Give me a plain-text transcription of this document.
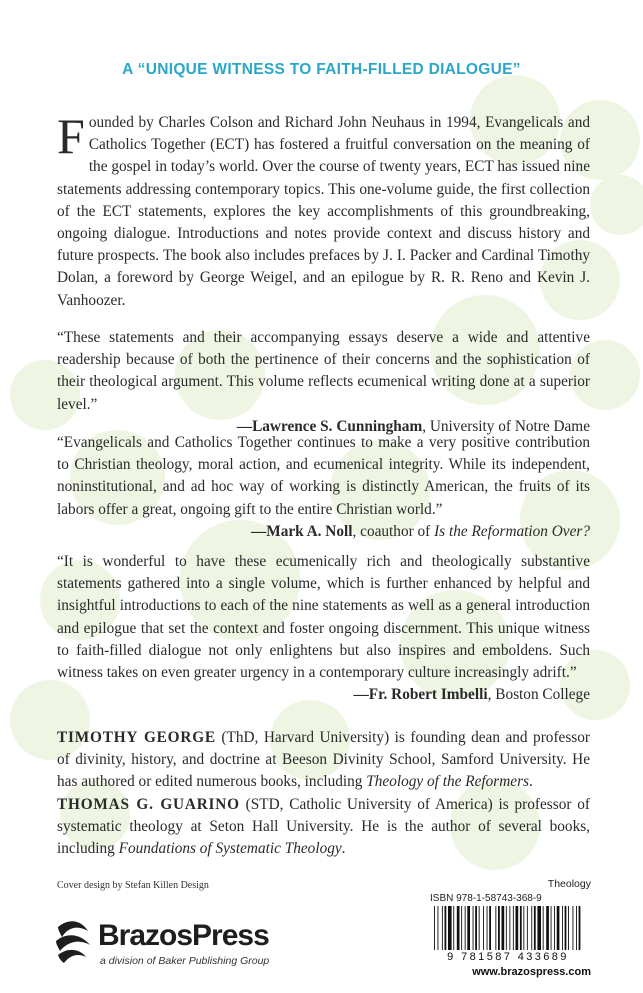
A “UNIQUE WITNESS TO FAITH-FILLED DIALOGUE”
Founded by Charles Colson and Richard John Neuhaus in 1994, Evangelicals and Catholics Together (ECT) has fostered a fruitful conversation on the meaning of the gospel in today’s world. Over the course of twenty years, ECT has issued nine statements addressing contemporary topics. This one-volume guide, the first collection of the ECT statements, explores the key accomplishments of this groundbreaking, ongoing dialogue. Introductions and notes provide context and discuss history and future prospects. The book also includes prefaces by J. I. Packer and Cardinal Timothy Dolan, a foreword by George Weigel, and an epilogue by R. R. Reno and Kevin J. Vanhoozer.
“These statements and their accompanying essays deserve a wide and attentive readership because of both the pertinence of their concerns and the sophistication of their theological argument. This volume reflects ecumenical writing done at a superior level.”
—Lawrence S. Cunningham, University of Notre Dame
“Evangelicals and Catholics Together continues to make a very positive contribution to Christian theology, moral action, and ecumenical integrity. While its independent, noninstitutional, and ad hoc way of working is distinctly American, the fruits of its labors offer a great, ongoing gift to the entire Christian world.”
—Mark A. Noll, coauthor of Is the Reformation Over?
“It is wonderful to have these ecumenically rich and theologically substantive statements gathered into a single volume, which is further enhanced by helpful and insightful introductions to each of the nine statements as well as a general introduction and epilogue that set the context and foster ongoing discernment. This unique witness to faith-filled dialogue not only enlightens but also inspires and emboldens. Such witness takes on even greater urgency in a contemporary culture increasingly adrift.”
—Fr. Robert Imbelli, Boston College
TIMOTHY GEORGE (ThD, Harvard University) is founding dean and professor of divinity, history, and doctrine at Beeson Divinity School, Samford University. He has authored or edited numerous books, including Theology of the Reformers.
THOMAS G. GUARINO (STD, Catholic University of America) is professor of systematic theology at Seton Hall University. He is the author of several books, including Foundations of Systematic Theology.
Cover design by Stefan Killen Design
BrazosPress
a division of Baker Publishing Group
Theology
ISBN 978-1-58743-368-9
9 781587 433689
www.brazospress.com
